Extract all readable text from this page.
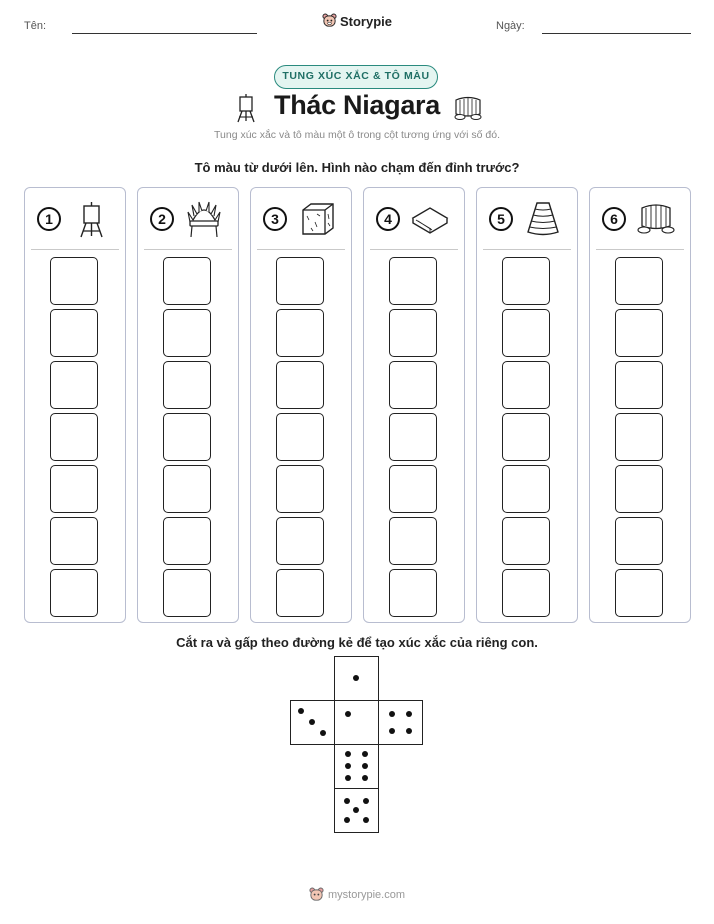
Tên:	Ngày:
Storypie
TUNG XÚC XẮC & TÔ MÀU
Thác Niagara
Tung xúc xắc và tô màu một ô trong cột tương ứng với số đó.
Tô màu từ dưới lên. Hình nào chạm đến đỉnh trước?
1	2	3	4	5	6
Cắt ra và gấp theo đường kẻ để tạo xúc xắc của riêng con.
mystorypie.com
